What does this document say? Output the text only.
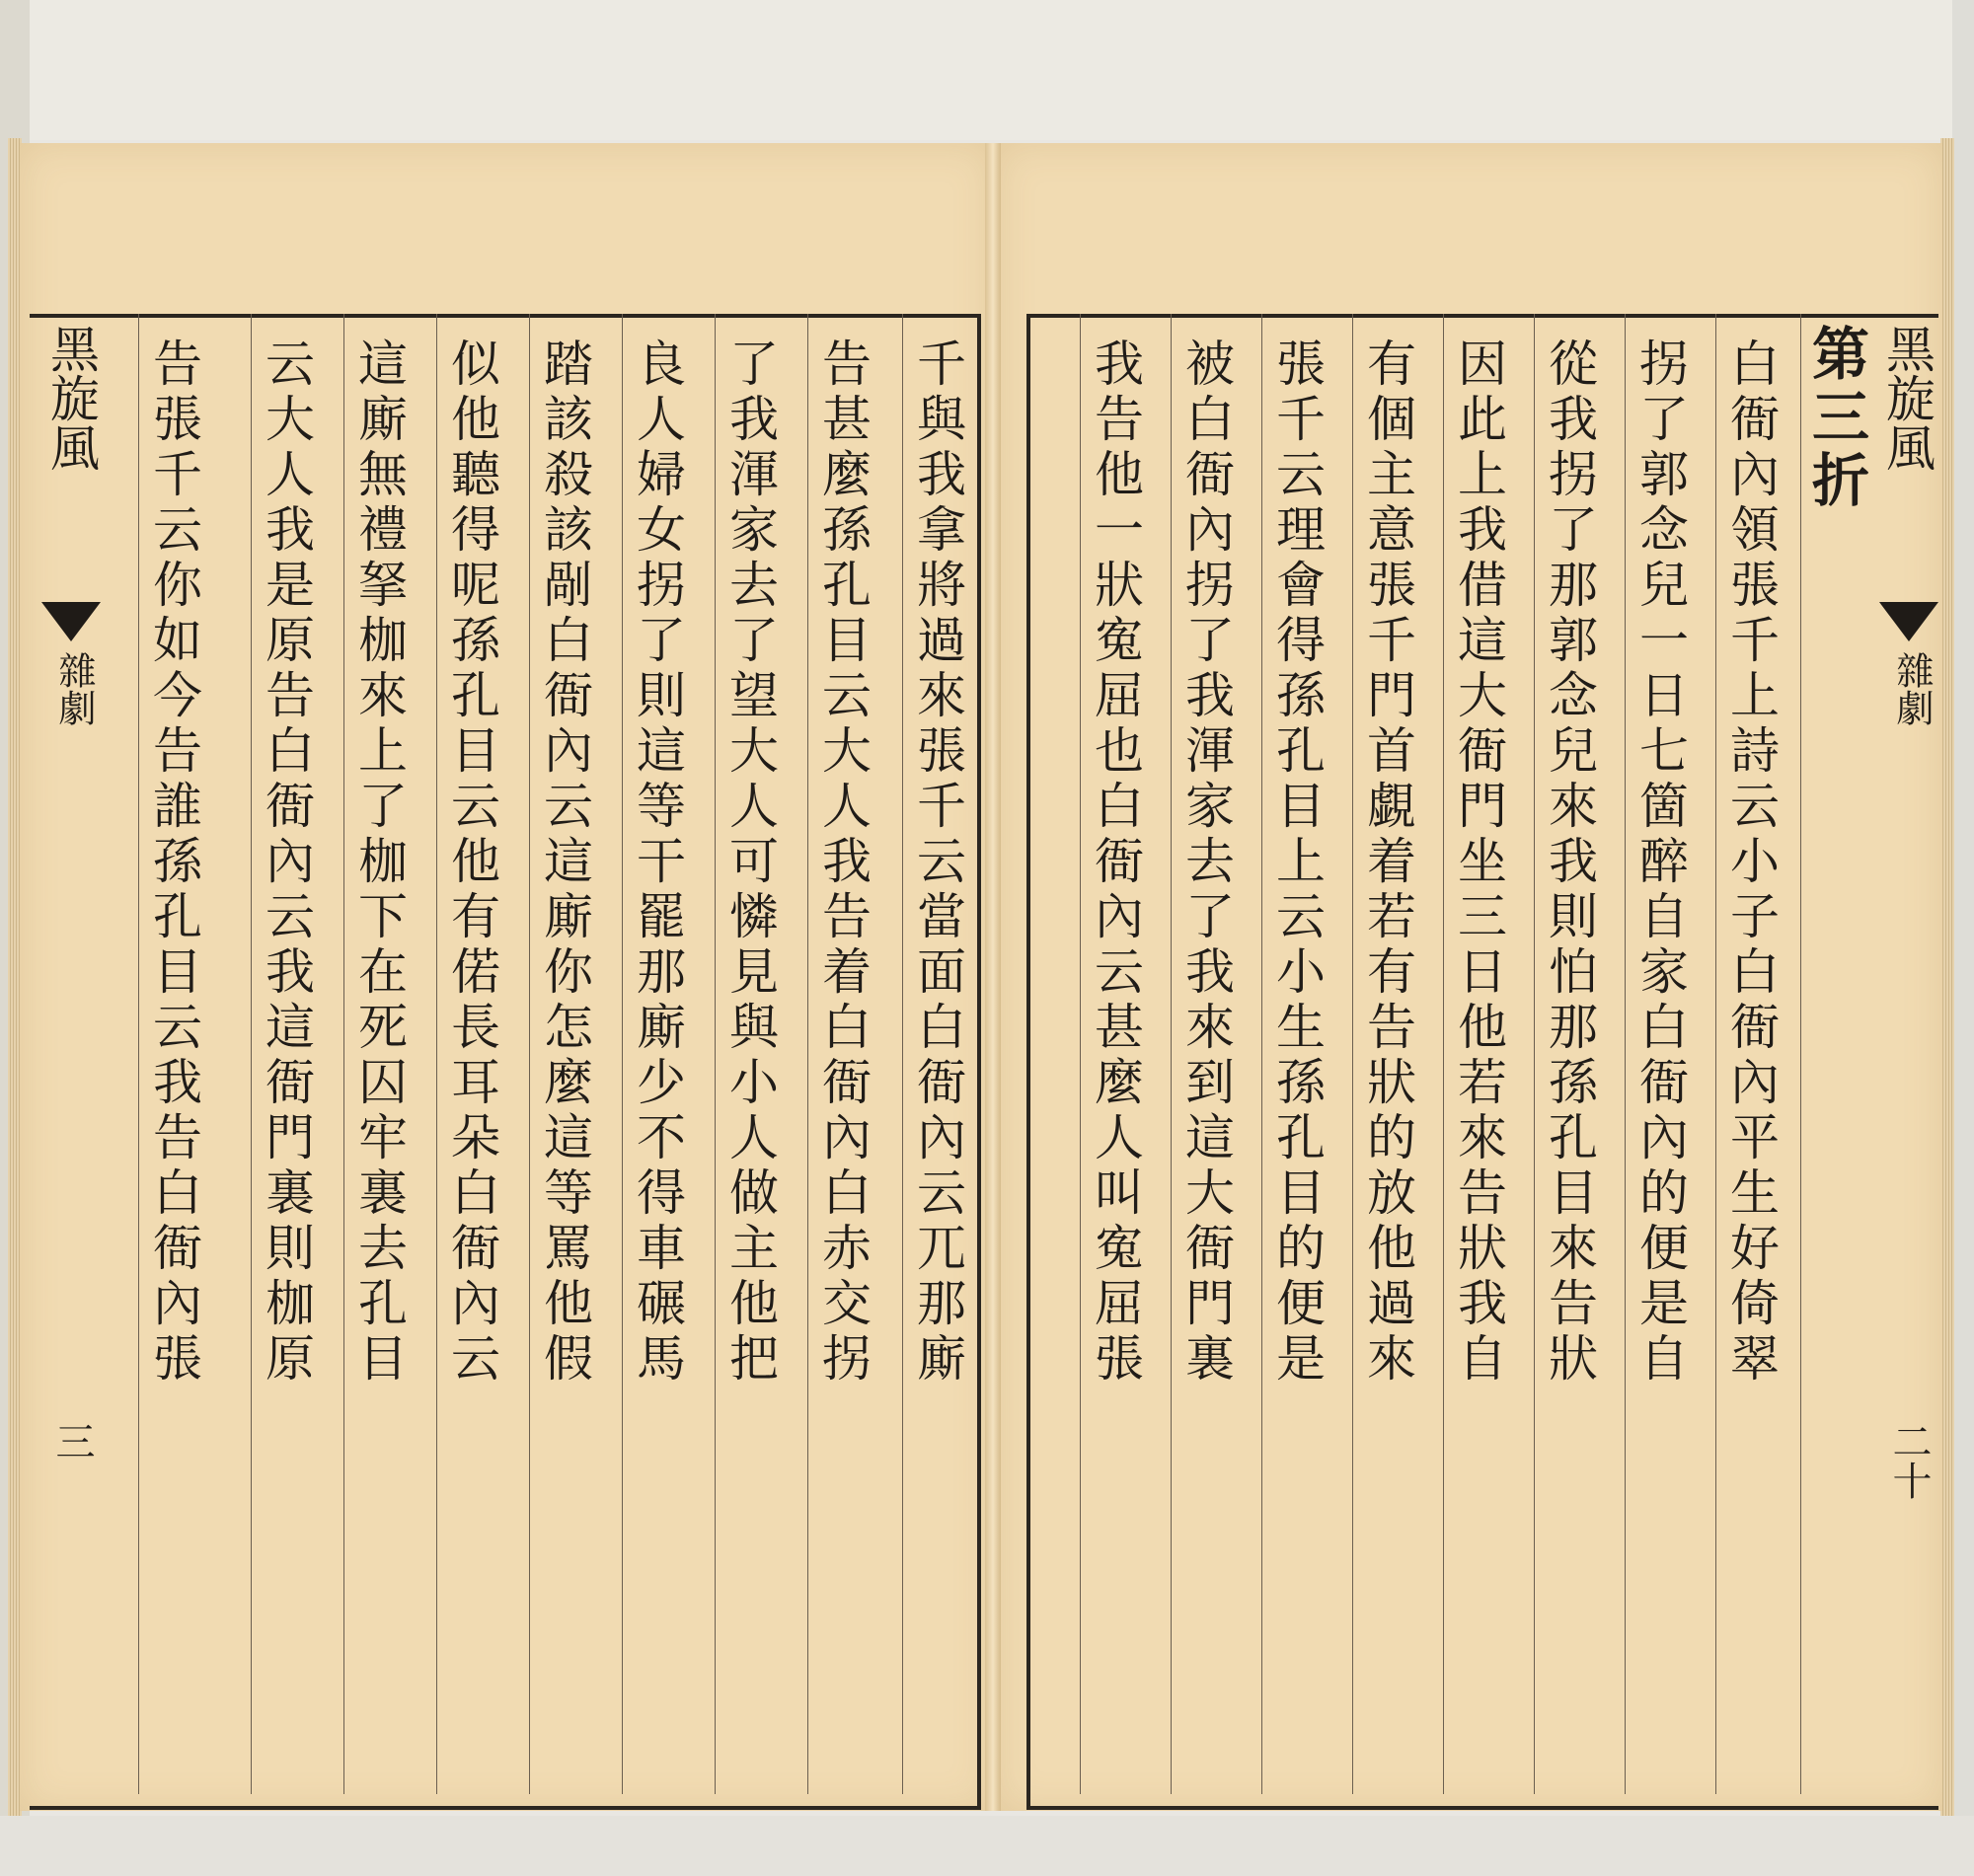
黑旋風
雜劇
三
千與我拿將過來張千云當面白衙內云兀那廝
告甚麼孫孔目云大人我告着白衙內白赤交拐
了我渾家去了望大人可憐見與小人做主他把
良人婦女拐了則這等干罷那廝少不得車碾馬
踏該殺該剮白衙內云這廝你怎麼這等罵他假
似他聽得呢孫孔目云他有偌長耳朵白衙內云
這廝無禮拏枷來上了枷下在死囚牢裏去孔目
云大人我是原告白衙內云我這衙門裏則枷原
告張千云你如今告誰孫孔目云我告白衙內張	黑旋風
雜劇
二十
第三折
白衙內領張千上詩云小子白衙內平生好倚翠
拐了郭念兒一日七箇醉自家白衙內的便是自
從我拐了那郭念兒來我則怕那孫孔目來告狀
因此上我借這大衙門坐三日他若來告狀我自
有個主意張千門首覷着若有告狀的放他過來
張千云理會得孫孔目上云小生孫孔目的便是
被白衙內拐了我渾家去了我來到這大衙門裏
我告他一狀寃屈也白衙內云甚麼人叫寃屈張
